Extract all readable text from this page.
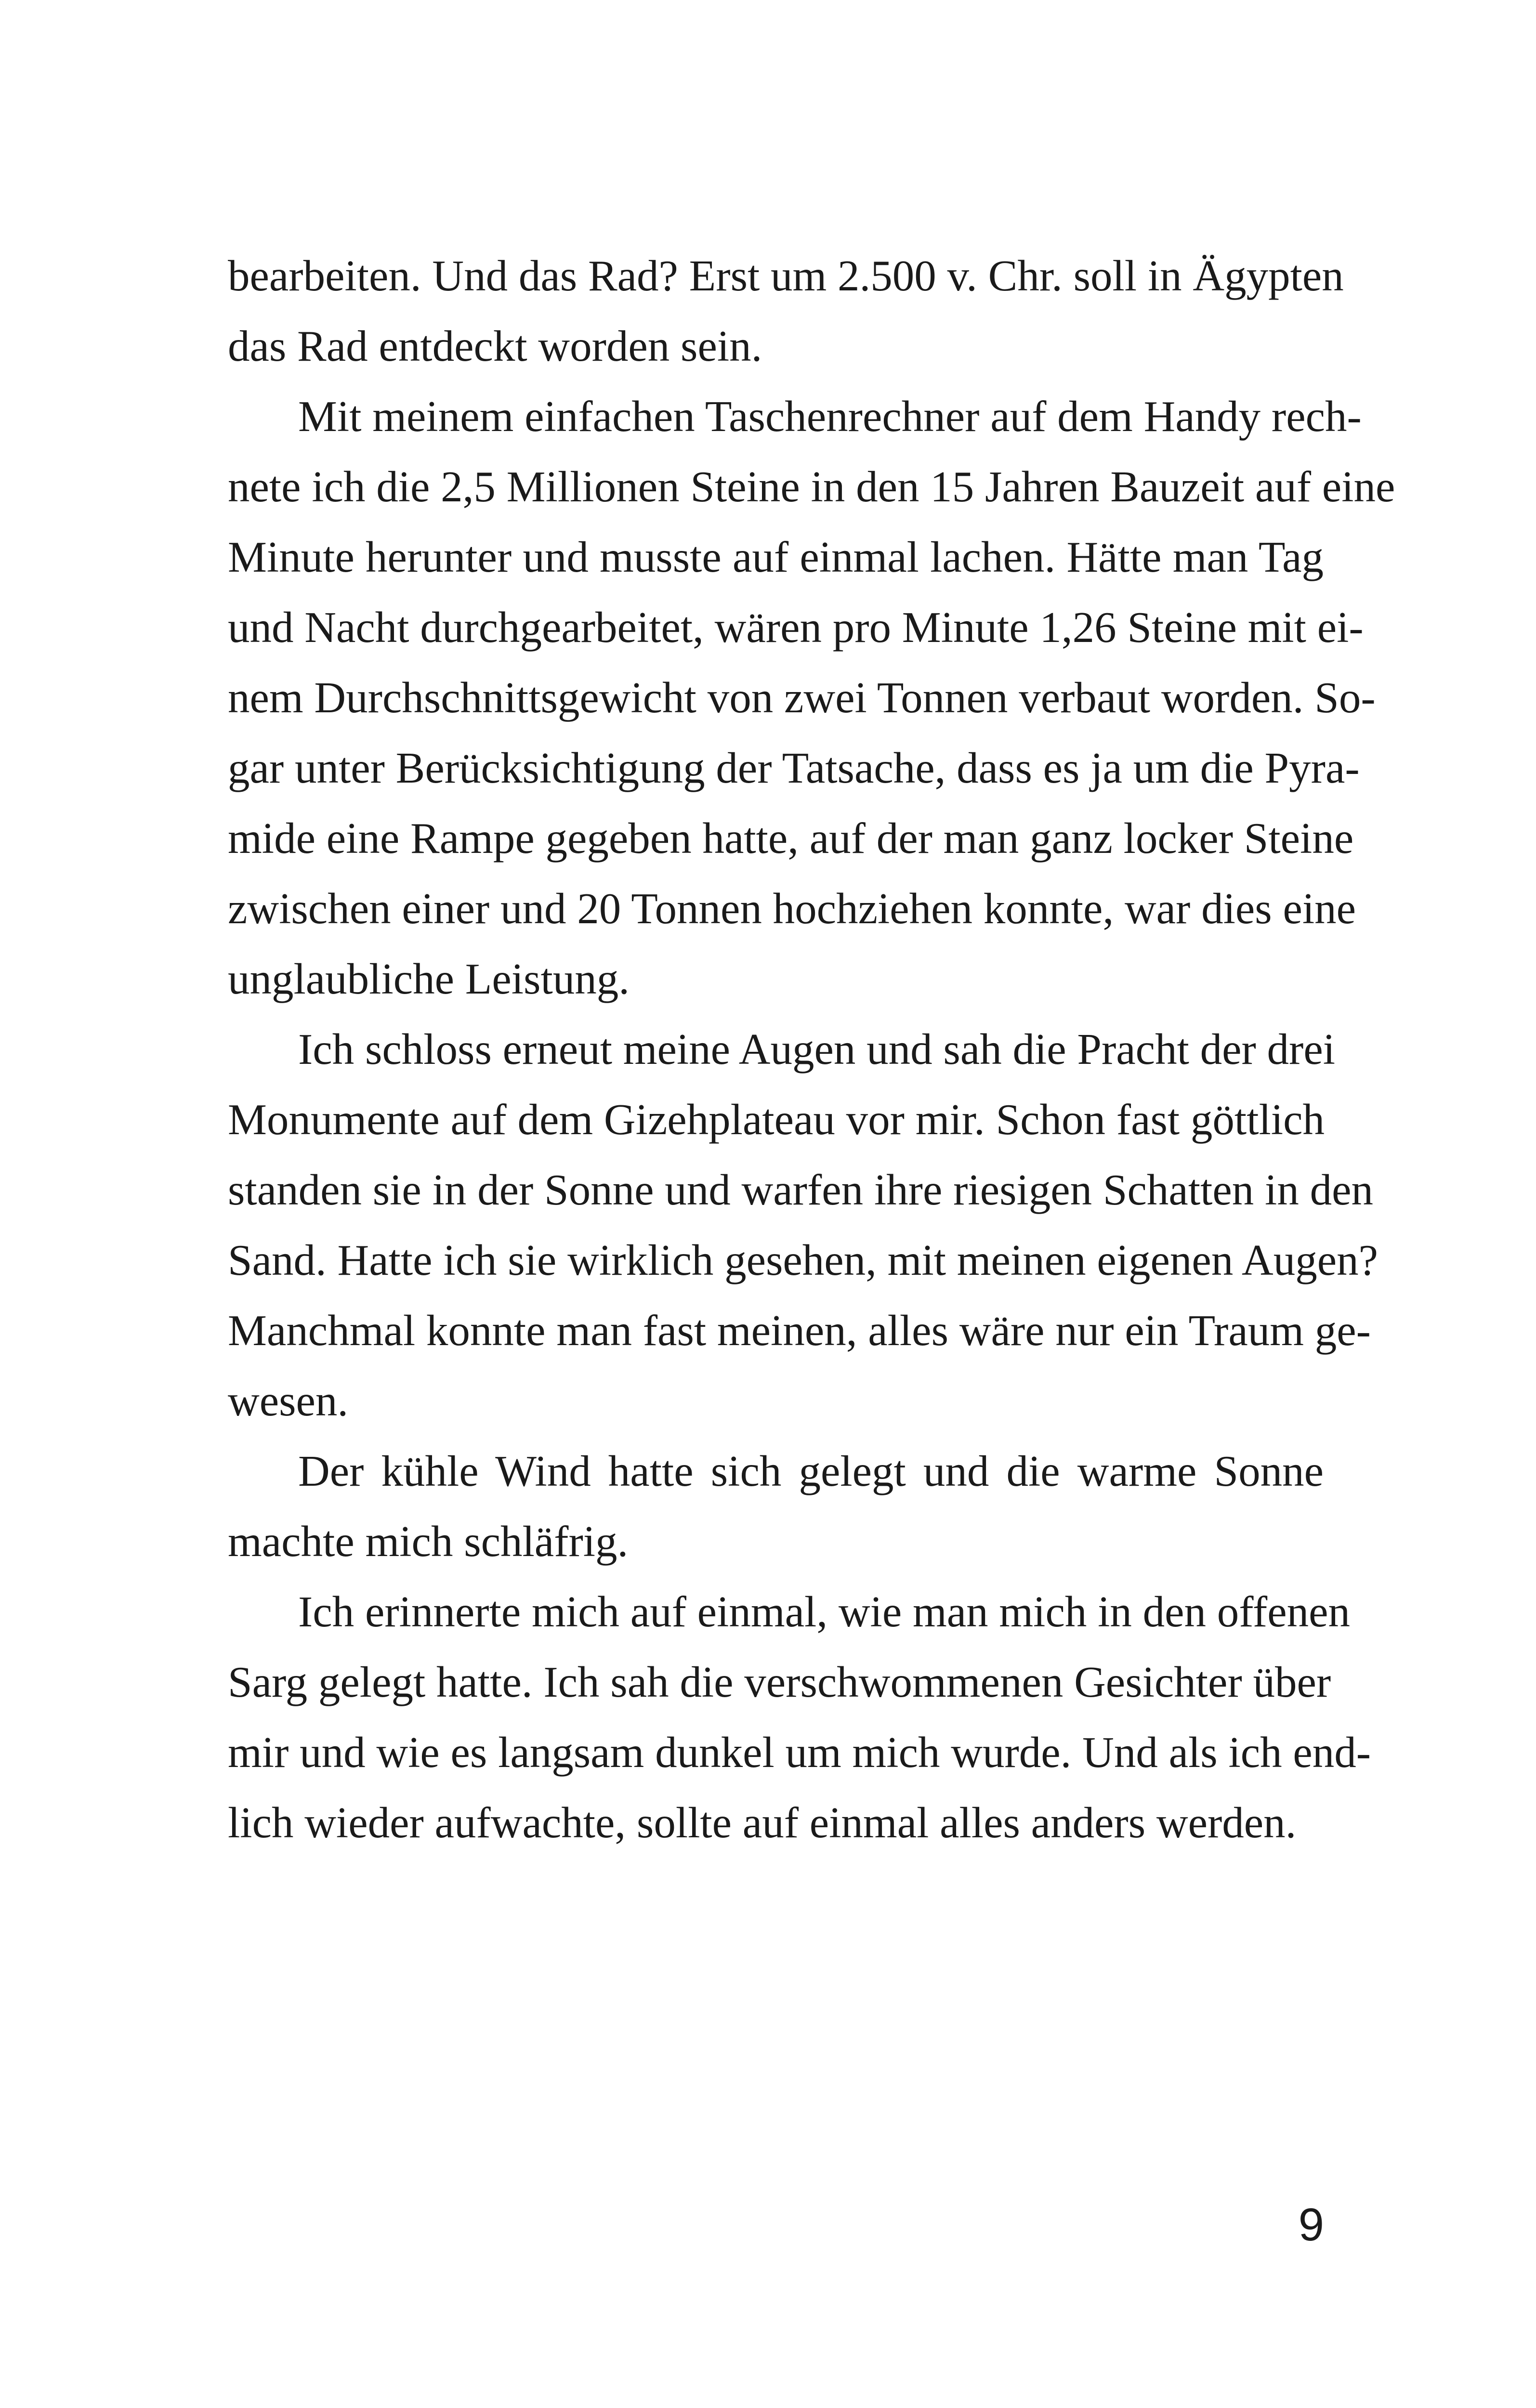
bearbeiten. Und das Rad? Erst um 2.500 v. Chr. soll in Ägypten
das Rad entdeckt worden sein.
Mit meinem einfachen Taschenrechner auf dem Handy rech-
nete ich die 2,5 Millionen Steine in den 15 Jahren Bauzeit auf eine
Minute herunter und musste auf einmal lachen. Hätte man Tag
und Nacht durchgearbeitet, wären pro Minute 1,26 Steine mit ei-
nem Durchschnittsgewicht von zwei Tonnen verbaut worden. So-
gar unter Berücksichtigung der Tatsache, dass es ja um die Pyra-
mide eine Rampe gegeben hatte, auf der man ganz locker Steine
zwischen einer und 20 Tonnen hochziehen konnte, war dies eine
unglaubliche Leistung.
Ich schloss erneut meine Augen und sah die Pracht der drei
Monumente auf dem Gizehplateau vor mir. Schon fast göttlich
standen sie in der Sonne und warfen ihre riesigen Schatten in den
Sand. Hatte ich sie wirklich gesehen, mit meinen eigenen Augen?
Manchmal konnte man fast meinen, alles wäre nur ein Traum ge-
wesen.
Der kühle Wind hatte sich gelegt und die warme Sonne
machte mich schläfrig.
Ich erinnerte mich auf einmal, wie man mich in den offenen
Sarg gelegt hatte. Ich sah die verschwommenen Gesichter über
mir und wie es langsam dunkel um mich wurde. Und als ich end-
lich wieder aufwachte, sollte auf einmal alles anders werden.
9
